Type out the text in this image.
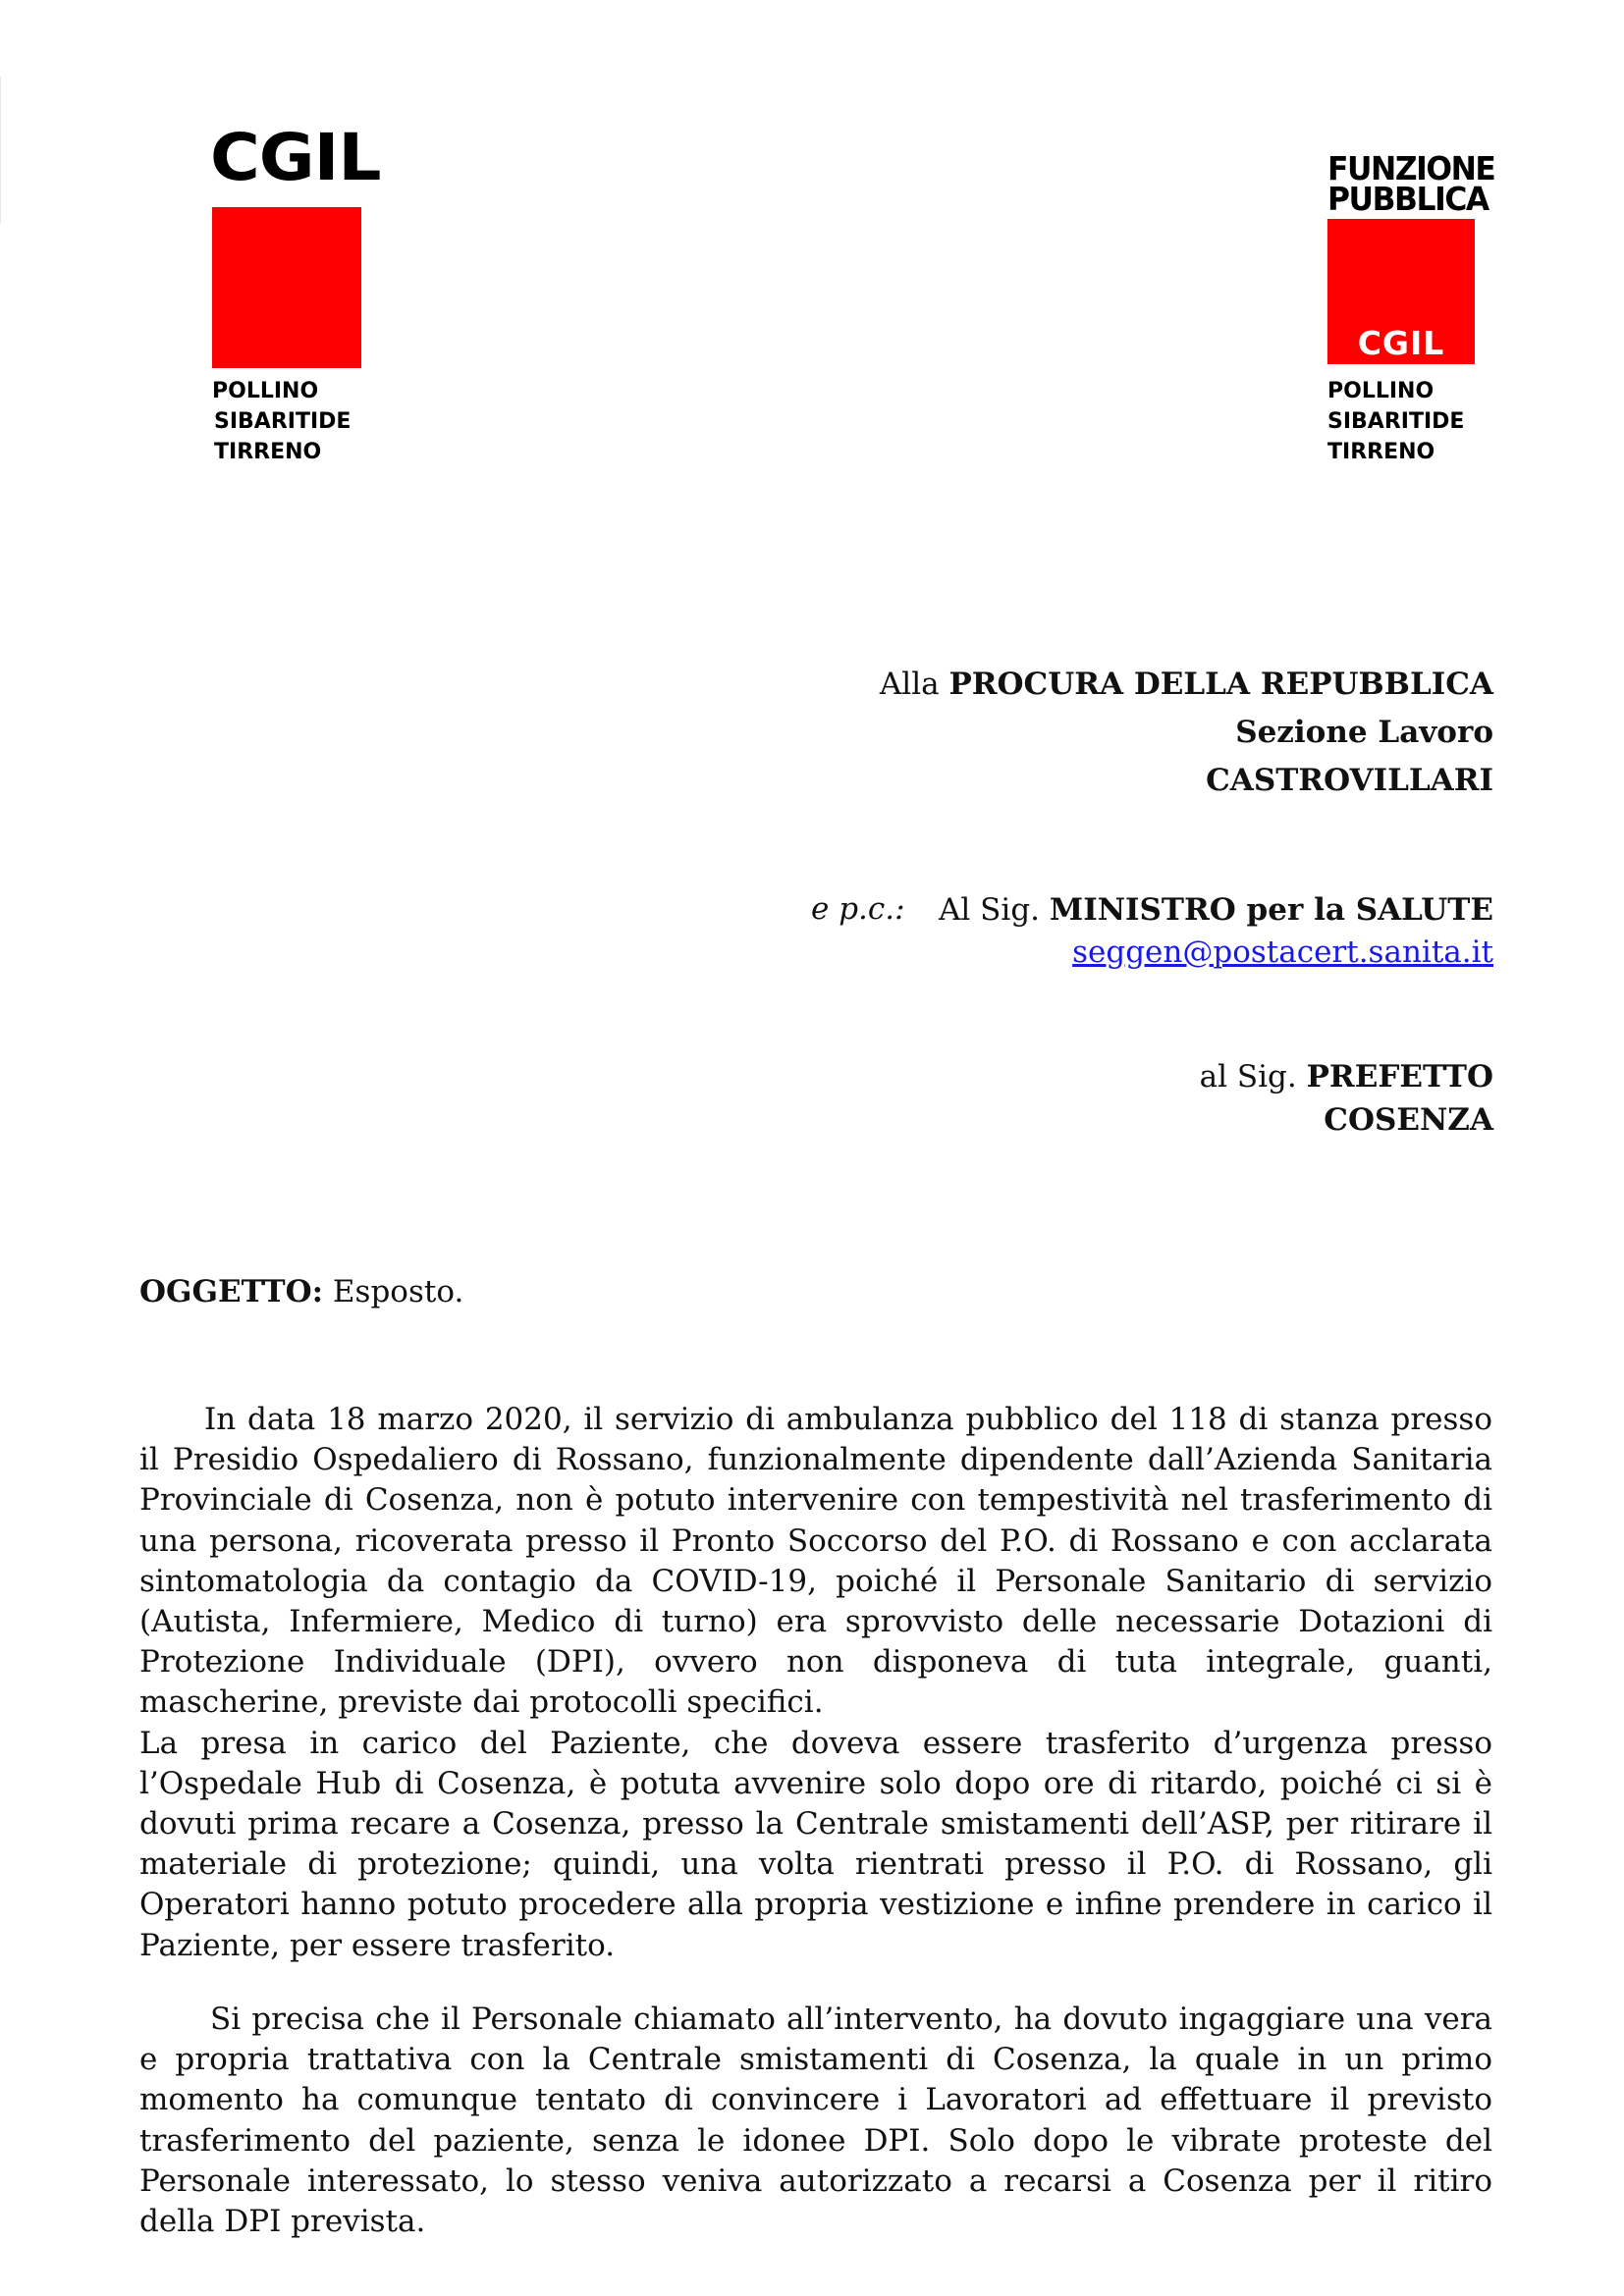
CGIL
POLLINO
SIBARITIDE
TIRRENO
FUNZIONE
PUBBLICA
CGIL
POLLINO
SIBARITIDE
TIRRENO
Alla PROCURA DELLA REPUBBLICA
Sezione Lavoro
CASTROVILLARI
e p.c.:	Al Sig. MINISTRO per la SALUTE
seggen@postacert.sanita.it
al Sig. PREFETTO
COSENZA
OGGETTO: Esposto.

In data 18 marzo 2020, il servizio di ambulanza pubblico del 118 di stanza presso il Presidio Ospedaliero di Rossano, funzionalmente dipendente dall’Azienda Sanitaria Provinciale di Cosenza, non è potuto intervenire con tempestività nel trasferimento di una persona, ricoverata presso il Pronto Soccorso del P.O. di Rossano e con acclarata sintomatologia da contagio da COVID-19, poiché il Personale Sanitario di servizio (Autista, Infermiere, Medico di turno) era sprovvisto delle necessarie Dotazioni di Protezione Individuale (DPI), ovvero non disponeva di tuta integrale, guanti, mascherine, previste dai protocolli specifici.

La presa in carico del Paziente, che doveva essere trasferito d’urgenza presso l’Ospedale Hub di Cosenza, è potuta avvenire solo dopo ore di ritardo, poiché ci si è dovuti prima recare a Cosenza, presso la Centrale smistamenti dell’ASP, per ritirare il materiale di protezione; quindi, una volta rientrati presso il P.O. di Rossano, gli Operatori hanno potuto procedere alla propria vestizione e infine prendere in carico il Paziente, per essere trasferito.

Si precisa che il Personale chiamato all’intervento, ha dovuto ingaggiare una vera e propria trattativa con la Centrale smistamenti di Cosenza, la quale in un primo momento ha comunque tentato di convincere i Lavoratori ad effettuare il previsto trasferimento del paziente, senza le idonee DPI. Solo dopo le vibrate proteste del Personale interessato, lo stesso veniva autorizzato a recarsi a Cosenza per il ritiro della DPI prevista.
